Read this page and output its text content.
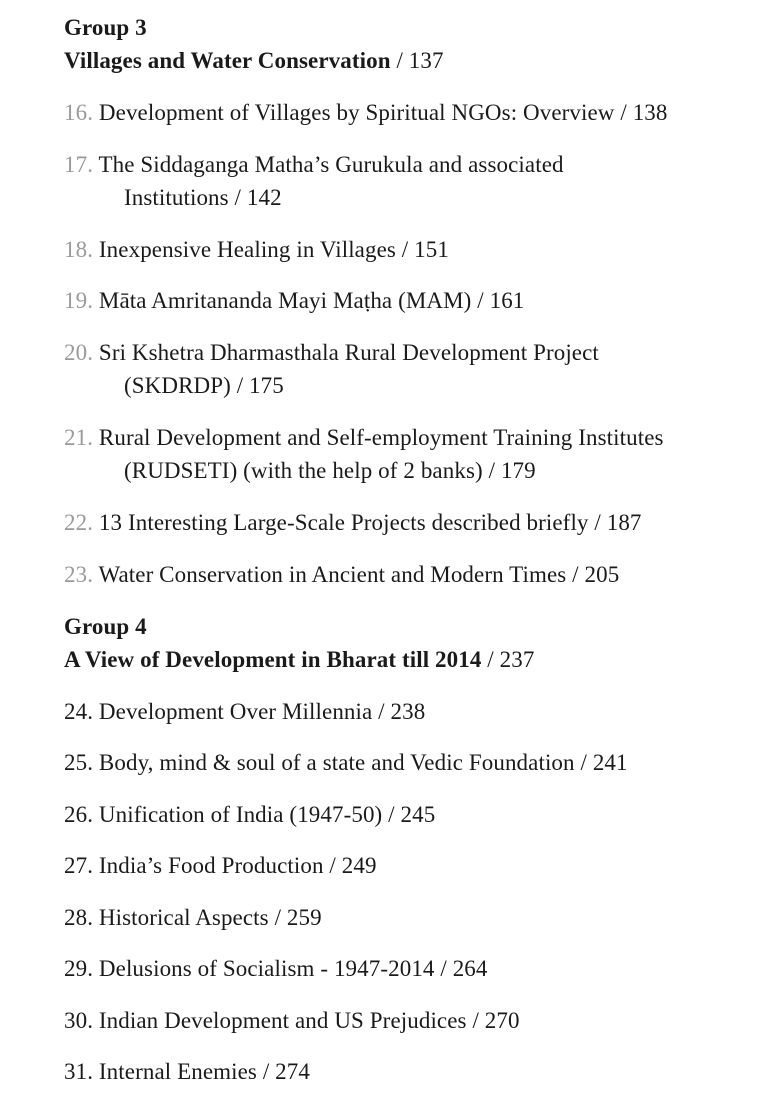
Group 3
Villages and Water Conservation / 137
16. Development of Villages by Spiritual NGOs: Overview / 138
17. The Siddaganga Matha’s Gurukula and associated
Institutions / 142
18. Inexpensive Healing in Villages / 151
19. Māta Amritananda Mayi Maṭha (MAM) / 161
20. Sri Kshetra Dharmasthala Rural Development Project
(SKDRDP) / 175
21. Rural Development and Self-employment Training Institutes
(RUDSETI) (with the help of 2 banks) / 179
22. 13 Interesting Large-Scale Projects described briefly / 187
23. Water Conservation in Ancient and Modern Times / 205
Group 4
A View of Development in Bharat till 2014 / 237
24. Development Over Millennia / 238
25. Body, mind & soul of a state and Vedic Foundation / 241
26. Unification of India (1947-50) / 245
27. India’s Food Production / 249
28. Historical Aspects / 259
29. Delusions of Socialism - 1947-2014 / 264
30. Indian Development and US Prejudices / 270
31. Internal Enemies / 274
